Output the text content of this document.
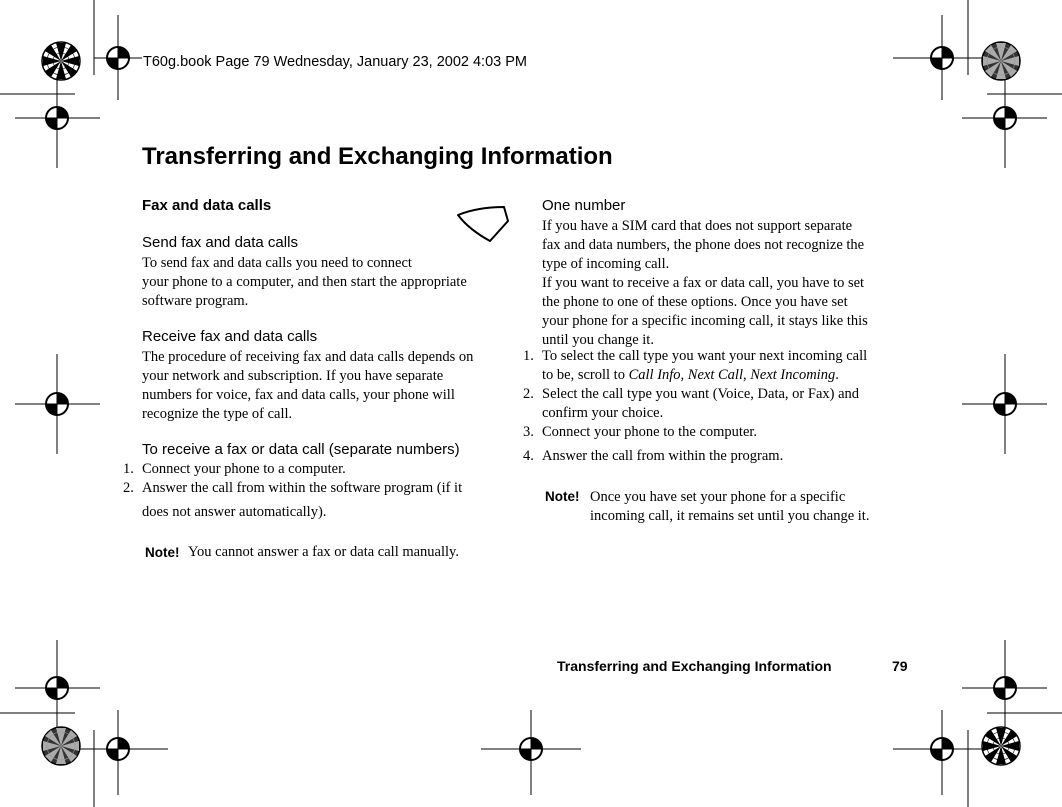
T60g.book Page 79 Wednesday, January 23, 2002 4:03 PM
Transferring and Exchanging Information
Fax and data calls
Send fax and data calls
To send fax and data calls you need to connect
your phone to a computer, and then start the appropriate
software program.
Receive fax and data calls
The procedure of receiving fax and data calls depends on
your network and subscription. If you have separate
numbers for voice, fax and data calls, your phone will
recognize the type of call.
To receive a fax or data call (separate numbers)
1. Connect your phone to a computer.
2. Answer the call from within the software program (if it
does not answer automatically).
Note! You cannot answer a fax or data call manually.
One number
If you have a SIM card that does not support separate
fax and data numbers, the phone does not recognize the
type of incoming call.
If you want to receive a fax or data call, you have to set
the phone to one of these options. Once you have set
your phone for a specific incoming call, it stays like this
until you change it.
1. To select the call type you want your next incoming call
to be, scroll to Call Info, Next Call, Next Incoming.
2. Select the call type you want (Voice, Data, or Fax) and
confirm your choice.
3. Connect your phone to the computer.
4. Answer the call from within the program.
Note! Once you have set your phone for a specific
incoming call, it remains set until you change it.
Transferring and Exchanging Information	79
